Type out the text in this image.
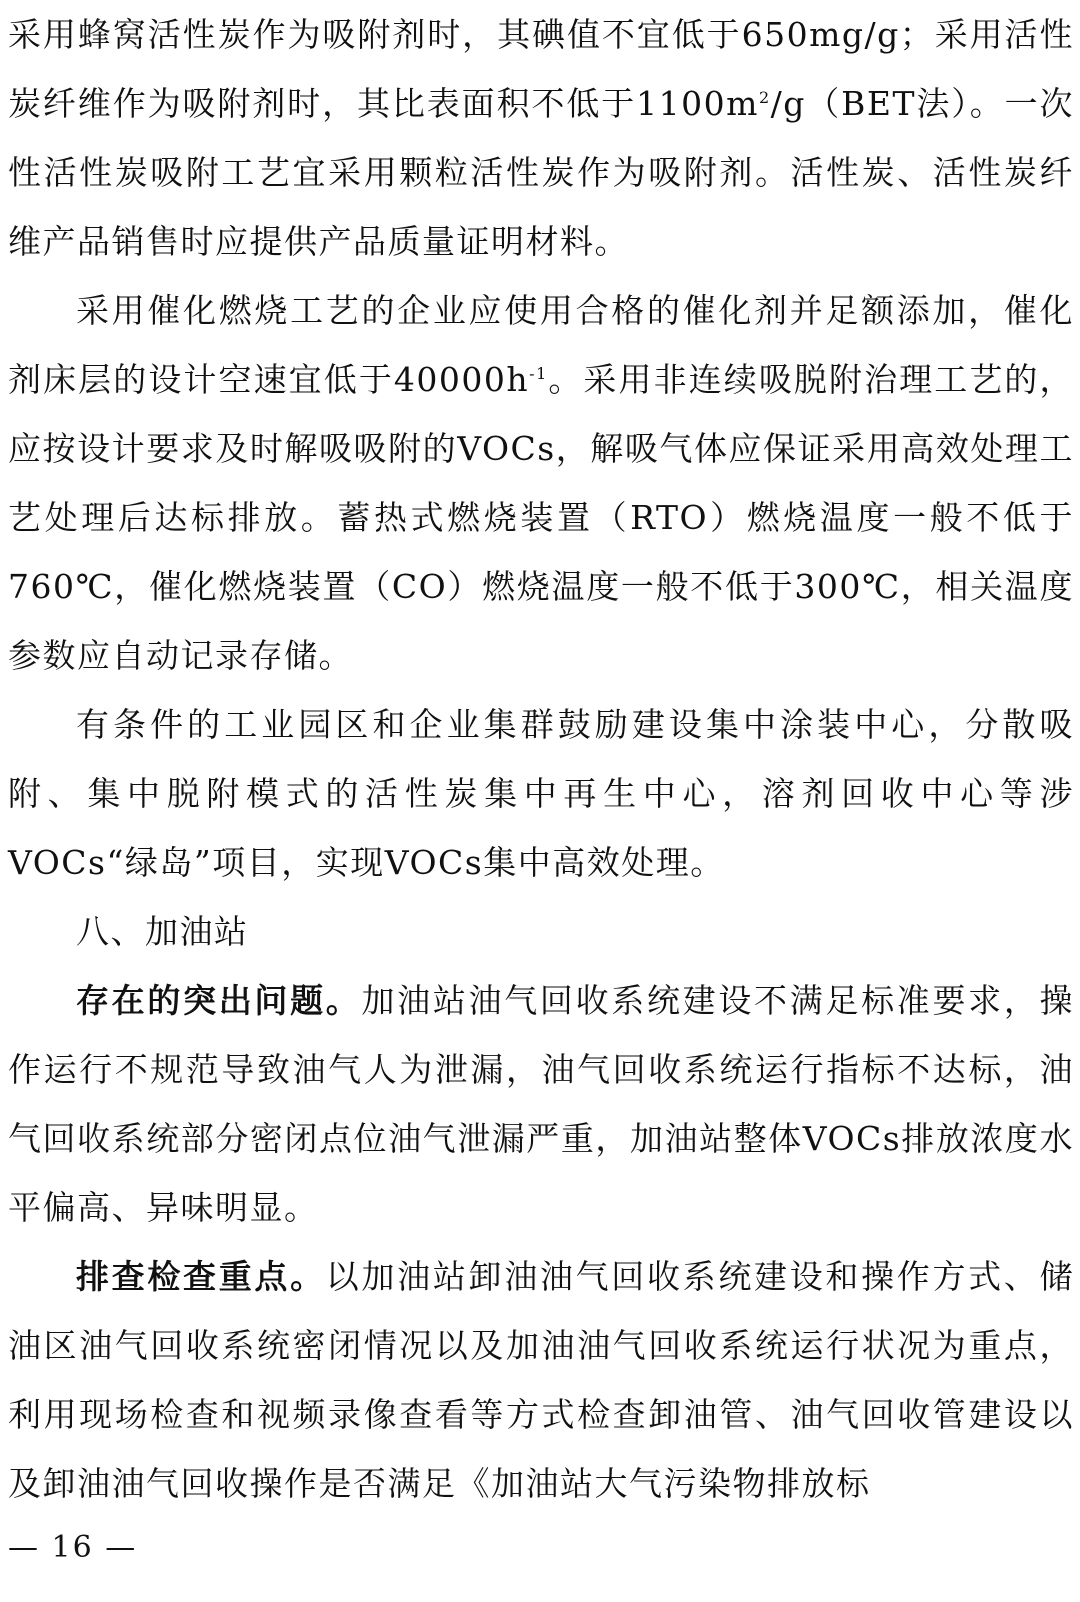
采用蜂窝活性炭作为吸附剂时，其碘值不宜低于650mg/g；采用活性炭纤维作为吸附剂时，其比表面积不低于$1100m^2/g(BET$法）。一次性活性炭吸附工艺宜采用颗粒活性炭作为吸附剂。活性炭、活性炭纤维产品销售时应提供产品质量证明材料。

采用催化燃烧工艺的企业应使用合格的催化剂并足额添加，催化剂床层的设计空速宜低于$40000h^{-1}$。采用非连续吸脱附治理工艺的，应按设计要求及时解吸吸附的VOCs，解吸气体应保证采用高效处理工艺处理后达标排放。蓄热式燃烧装置（RTO）燃烧温度一般不低于760℃，催化燃烧装置（CO）燃烧温度一般不低于300℃，相关温度参数应自动记录存储。

有条件的工业园区和企业集群鼓励建设集中涂装中心，分散吸附、集中脱附模式的活性炭集中再生中心，溶剂回收中心等涉VOCs“绿岛”项目，实现VOCs集中高效处理。

八、加油站

存在的突出问题。加油站油气回收系统建设不满足标准要求，操作运行不规范导致油气人为泄漏，油气回收系统运行指标不达标，油气回收系统部分密闭点位油气泄漏严重，加油站整体VOCs排放浓度水平偏高、异味明显。

排查检查重点。以加油站卸油油气回收系统建设和操作方式、储油区油气回收系统密闭情况以及加油油气回收系统运行状况为重点，利用现场检查和视频录像查看等方式检查卸油管、油气回收管建设以及卸油油气回收操作是否满足《加油站大气污染物排放标

— 16 —
